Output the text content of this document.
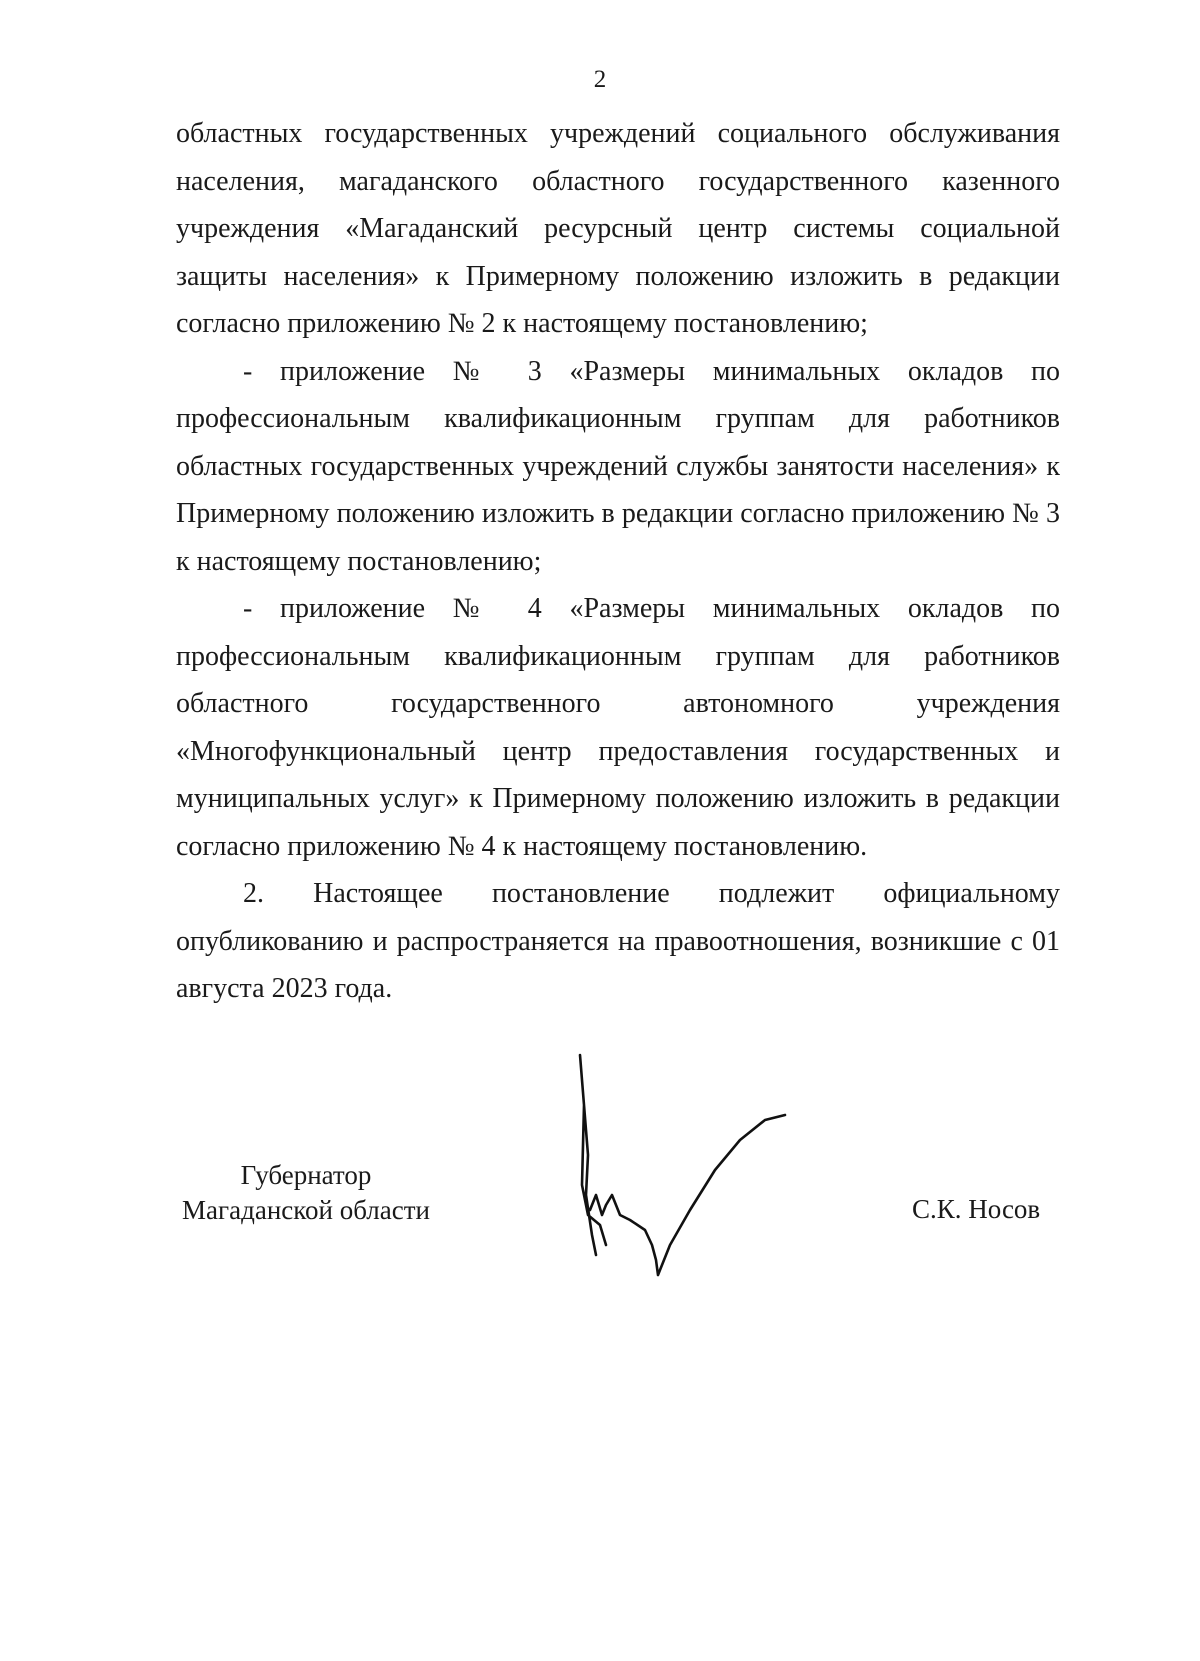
2

областных государственных учреждений социального обслуживания населения, магаданского областного государственного казенного учреждения «Магаданский ресурсный центр системы социальной защиты населения» к Примерному положению изложить в редакции согласно приложению № 2 к настоящему постановлению;

- приложение № 3 «Размеры минимальных окладов по профессиональным квалификационным группам для работников областных государственных учреждений службы занятости населения» к Примерному положению изложить в редакции согласно приложению № 3 к настоящему постановлению;

- приложение № 4 «Размеры минимальных окладов по профессиональным квалификационным группам для работников областного государственного автономного учреждения «Многофункциональный центр предоставления государственных и муниципальных услуг» к Примерному положению изложить в редакции согласно приложению № 4 к настоящему постановлению.

2. Настоящее постановление подлежит официальному опубликованию и распространяется на правоотношения, возникшие с 01 августа 2023 года.

Губернатор
Магаданской области	С.К. Носов
